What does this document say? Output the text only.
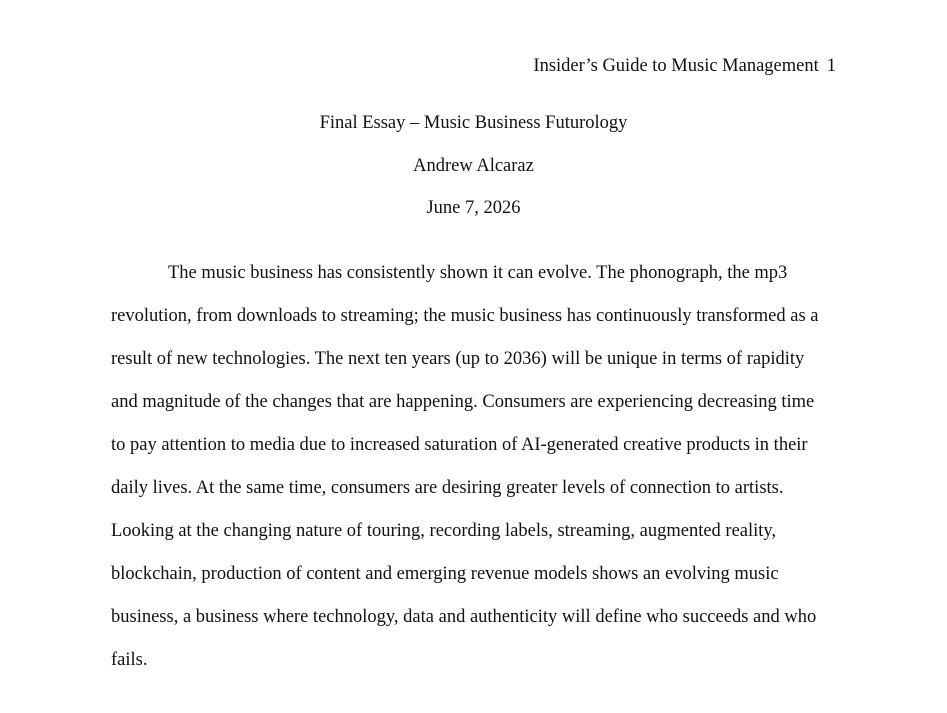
Insider’s Guide to Music Management 1
Final Essay – Music Business Futurology
Andrew Alcaraz
June 7, 2026
The music business has consistently shown it can evolve. The phonograph, the mp3
revolution, from downloads to streaming; the music business has continuously transformed as a
result of new technologies. The next ten years (up to 2036) will be unique in terms of rapidity
and magnitude of the changes that are happening. Consumers are experiencing decreasing time
to pay attention to media due to increased saturation of AI-generated creative products in their
daily lives. At the same time, consumers are desiring greater levels of connection to artists.
Looking at the changing nature of touring, recording labels, streaming, augmented reality,
blockchain, production of content and emerging revenue models shows an evolving music
business, a business where technology, data and authenticity will define who succeeds and who
fails.
